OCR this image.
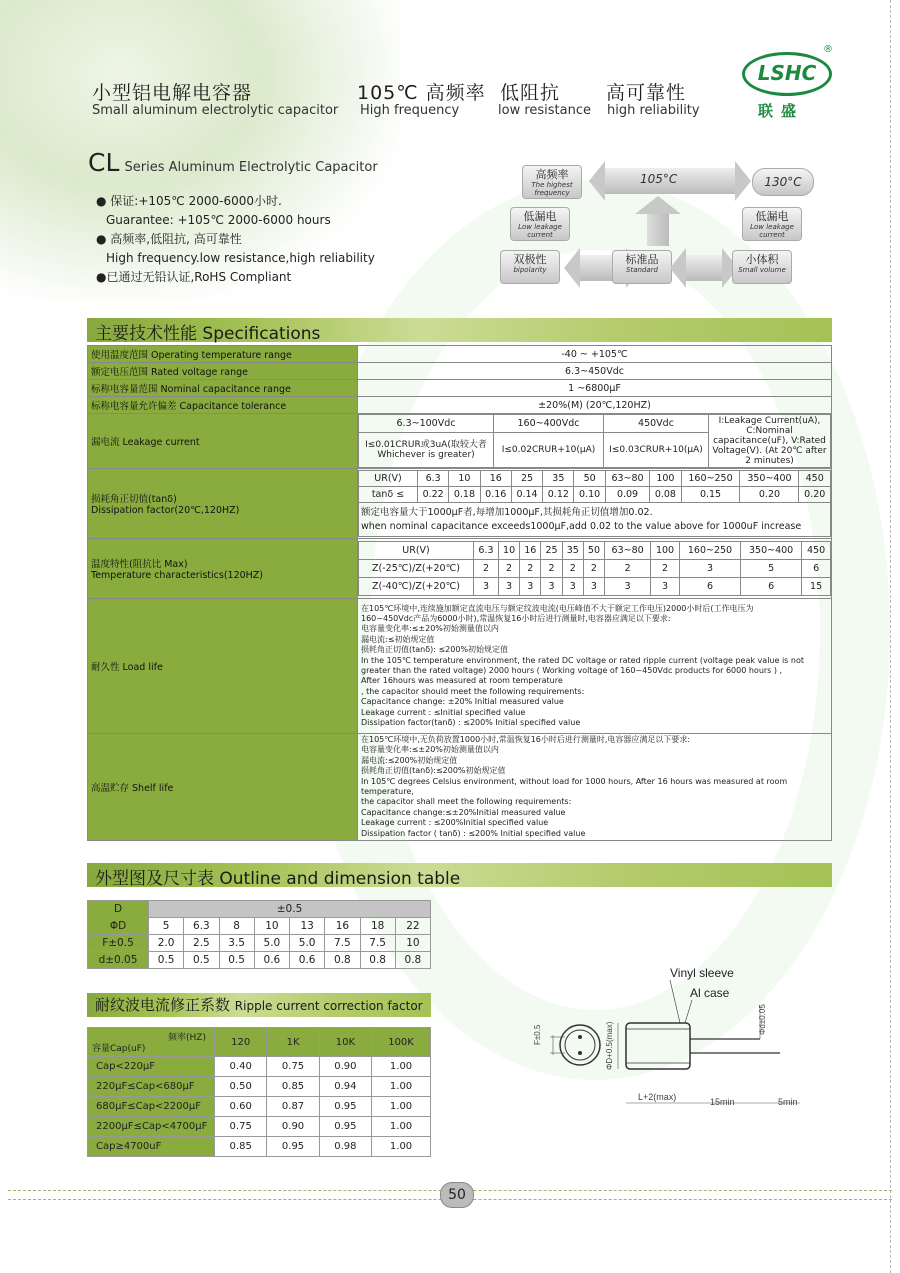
小型铝电解电容器	105℃ 高频率 低阻抗 高可靠性
Small aluminum electrolytic capacitor High frequency	low resistance high reliability
LSHC
®
联盛
CL Series Aluminum Electrolytic Capacitor
● 保证:+105℃ 2000-6000小时.
Guarantee: +105℃ 2000-6000 hours
● 高频率,低阻抗, 高可靠性
High frequency.low resistance,high reliability
●已通过无铅认证,RoHS Compliant
高频率
The highest frequency
105°C	130°C
低漏电
Low leakage current
低漏电
Low leakage current
双极性
bipolarity
标准品
Standard
小体积
Small volume
主要技术性能 Specifications
使用温度范围 Operating temperature range	-40 ~ +105℃
额定电压范围 Rated voltage range	6.3~450Vdc
标称电容量范围 Nominal capacitance range	1 ~6800μF
标称电容量允许偏差 Capacitance tolerance	±20%(M) (20℃,120HZ)
漏电流 Leakage current	
6.3~100Vdc	160~400Vdc	450Vdc	I:Leakage Current(uA), C:Nominal capacitance(uF), V:Rated Voltage(V). (At 20℃ after 2 minutes)
I≤0.01CRUR或3uA(取较大者 Whichever is greater)	I≤0.02CRUR+10(μA)	I≤0.03CRUR+10(μA)

损耗角正切值(tanδ)
Dissipation factor(20℃,120HZ)

UR(V)	6.3	10	16	25	35	50	63~80	100	160~250	350~400	450
tanδ ≤	0.22	0.18	0.16	0.14	0.12	0.10	0.09	0.08	0.15	0.20	0.20

额定电容量大于1000μF者,每增加1000μF,其损耗角正切值增加0.02.
when nominal capacitance exceeds1000μF,add 0.02 to the value above for 1000uF increase

温度特性(阻抗比 Max)
Temperature characteristics(120HZ)

UR(V)	6.3	10	16	25	35	50	63~80	100	160~250	350~400	450
Z(-25℃)/Z(+20℃)	2	2	2	2	2	2	2	2	3	5	6
Z(-40℃)/Z(+20℃)	3	3	3	3	3	3	3	3	6	6	15

耐久性 Load life	
在105℃环境中,连续施加额定直流电压与额定纹波电流(电压峰值不大于额定工作电压)2000小时后(工作电压为
160~450Vdc产品为6000小时),常温恢复16小时后进行测量时,电容器应满足以下要求:
电容量变化率:≤±20%初始测量值以内
漏电流:≤初始规定值
损耗角正切值(tanδ): ≤200%初始规定值
In the 105℃ temperature environment, the rated DC voltage or rated ripple current (voltage peak value is not
greater than the rated voltage) 2000 hours ( Working voltage of 160~450Vdc products for 6000 hours ) ,
After 16hours was measured at room temperature
, the capacitor should meet the following requirements:
Capacitance change: ±20% Initial measured value
Leakage current : ≤Initial specified value
Dissipation factor(tanδ) : ≤200% Initial specified value

高温贮存 Shelf life	
在105℃环境中,无负荷放置1000小时,常温恢复16小时后进行测量时,电容器应满足以下要求:
电容量变化率:≤±20%初始测量值以内
漏电流:≤200%初始规定值
损耗角正切值(tanδ):≤200%初始规定值
In 105℃ degrees Celsius environment, without load for 1000 hours, After 16 hours was measured at room temperature,
the capacitor shall meet the following requirements:
Capacitance change:≤±20%Initial measured value
Leakage current : ≤200%Initial specified value
Dissipation factor ( tanδ) : ≤200% Initial specified value
外型图及尺寸表 Outline and dimension table
D	±0.5							
ΦD	5	6.3	8	10	13	16	18	22
F±0.5	2.0	2.5	3.5	5.0	5.0	7.5	7.5	10
d±0.05	0.5	0.5	0.5	0.6	0.6	0.8	0.8	0.8
耐纹波电流修正系数 Ripple current correction factor
频率(HZ)
容量Cap(uF)	120	1K	10K	100K
Cap<220μF	0.40	0.75	0.90	1.00
220μF≤Cap<680μF	0.50	0.85	0.94	1.00
680μF≤Cap<2200μF	0.60	0.87	0.95	1.00
2200μF≤Cap<4700μF	0.75	0.90	0.95	1.00
Cap≥4700uF	0.85	0.95	0.98	1.00
Vinyl sleeve
Al case
F±0.5	ΦD+0.5(max)
Φd±0.05
L+2(max)	15min	5min
50
